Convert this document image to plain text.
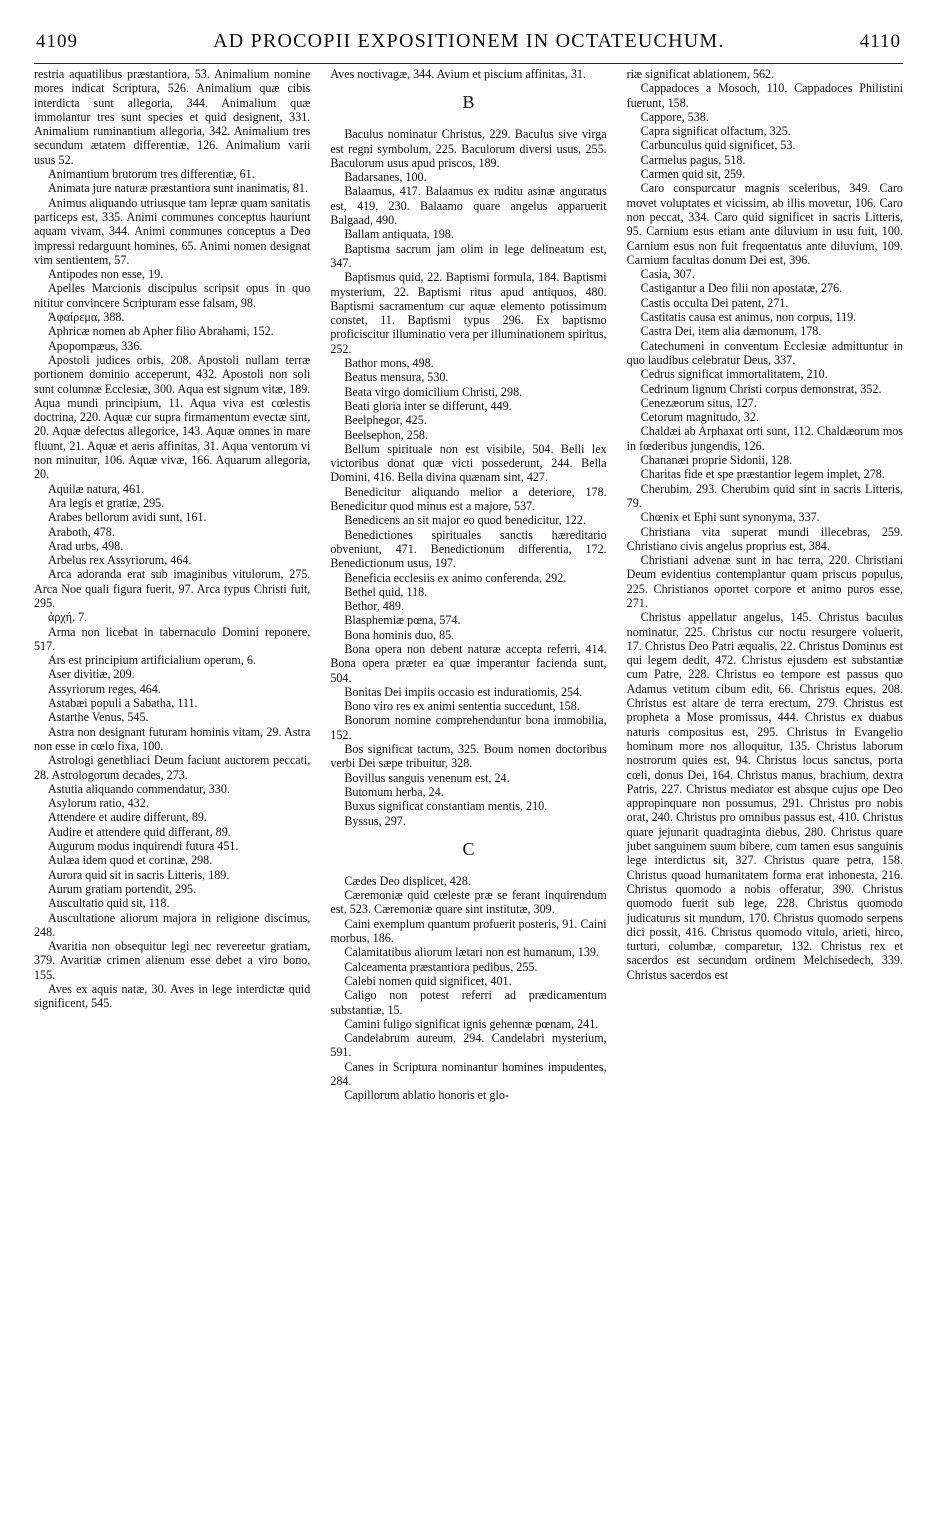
4109	AD PROCOPII EXPOSITIONEM IN OCTATEUCHUM.	4110

restria aquatilibus præstantiora, 53. Animalium nomine mores indicat Scriptura, 526. Animalium quæ cibis interdicta sunt allegoria, 344. Animalium quæ immolantur tres sunt species et quid designent, 331. Animalium ruminantium allegoria, 342. Animalium tres secundum ætatem differentiæ, 126. Animalium varii usus 52.

Animantium brutorum tres differentiæ, 61.

Animata jure naturæ præstantiora sunt inanimatis, 81.

Animus aliquando utriusque tam lepræ quam sanitatis particeps est, 335. Animi communes conceptus hauriunt aquam vivam, 344. Animi communes conceptus a Deo impressi redarguunt homines, 65. Animi nomen designat vim sentientem, 57.

Antipodes non esse, 19.

Apelles Marcionis discipulus scripsit opus in quo nititur convincere Scripturam esse falsam, 98.

Ἀφαίρεμα, 388.

Aphricæ nomen ab Apher filio Abrahami, 152.

Apopompæus, 336.

Apostoli judices orbis, 208. Apostoli nullam terræ portionem dominio acceperunt, 432. Apostoli non soli sunt columnæ Ecclesiæ, 300. Aqua est signum vitæ, 189. Aqua mundi principium, 11. Aqua viva est cœlestis doctrina, 220. Aquæ cur supra firmamentum evectæ sint, 20. Aquæ defectus allegorice, 143. Aquæ omnes in mare fluunt, 21. Aquæ et aeris affinitas, 31. Aqua ventorum vi non minuitur, 106. Aquæ vivæ, 166. Aquarum allegoria, 20.

Aquilæ natura, 461.

Ara legis et gratiæ, 295.

Arabes bellorum avidi sunt, 161.

Araboth, 478.

Arad urbs, 498.

Arbelus rex Assyriorum, 464.

Arca adoranda erat sub imaginibus vitulorum, 275. Arca Noe quali figura fuerit, 97. Arca typus Christi fuit, 295.

ἀρχή, 7.

Arma non licebat in tabernaculo Domini reponere, 517.

Ars est principium artificialium operum, 6.

Aser divitiæ, 209.

Assyriorum reges, 464.

Astabæi populi a Sabatha, 111.

Astarthe Venus, 545.

Astra non designant futuram hominis vitam, 29. Astra non esse in cœlo fixa, 100.

Astrologi genethliaci Deum faciunt auctorem peccati, 28. Astrologorum decades, 273.

Astutia aliquando commendatur, 330.

Asylorum ratio, 432.

Attendere et audire differunt, 89.

Audire et attendere quid differant, 89.

Augurum modus inquirendi futura 451.

Aulæa idem quod et cortinæ, 298.

Aurora quid sit in sacris Litteris, 189.

Aurum gratiam portendit, 295.

Auscultatio quid sit, 118.

Auscultatione aliorum majora in religione discimus, 248.

Avaritia non obsequitur legi nec revereetur gratiam, 379. Avaritiæ crimen alienum esse debet a viro bono, 155.

Aves ex aquis natæ, 30. Aves in lege interdictæ quid significent, 545.

Aves noctivagæ, 344. Avium et piscium affinitas, 31.

B

Baculus nominatur Christus, 229. Baculus sive virga est regni symbolum, 225. Baculorum diversi usus, 255. Baculorum usus apud priscos, 189.

Badarsanes, 100.

Balaamus, 417. Balaamus ex ruditu asinæ anguratus est, 419, 230. Balaamo quare angelus apparuerit Balgaad, 490.

Ballam antiquata, 198.

Baptisma sacrum jam olim in lege delineatum est, 347.

Baptismus quid, 22. Baptismi formula, 184. Baptismi mysterium, 22. Baptismi ritus apud antiquos, 480. Baptismi sacramentum cur aquæ elemento potissimum constet, 11. Baptismi typus 296. Ex baptismo proficiscitur illuminatio vera per illuminationem spiritus, 252.

Bathor mons, 498.

Beatus mensura, 530.

Beata virgo domicilium Christi, 298.

Beati gloria inter se differunt, 449.

Beelphegor, 425.

Beelsephon, 258.

Bellum spirituale non est visibile, 504. Belli lex victoribus donat quæ victi possederunt, 244. Bella Domini, 416. Bella divina quænam sint, 427.

Benedicitur aliquando melior a deteriore, 178. Benedicitur quod minus est a majore, 537.

Benedicens an sit major eo quod benedicitur, 122.

Benedictiones spirituales sanctis hæreditario obveniunt, 471. Benedictionum differentia, 172. Benedictionum usus, 197.

Beneficia ecclesiis ex animo conferenda, 292.

Bethel quid, 118.

Bethor, 489.

Blasphemiæ pœna, 574.

Bona hominis duo, 85.

Bona opera non debent naturæ accepta referri, 414. Bona opera præter ea quæ imperantur facienda sunt, 504.

Bonitas Dei impiis occasio est induratiomis, 254.

Bono viro res ex animi sententia succedunt, 158.

Bonorum nomine comprehenduntur bona immobilia, 152.

Bos significat tactum, 325. Boum nomen doctoribus verbi Dei sæpe tribuitur, 328.

Bovillus sanguis venenum est, 24.

Butomum herba, 24.

Buxus significat constantiam mentis, 210.

Byssus, 297.

C

Cædes Deo displicet, 428.

Cæremoniæ quid cœleste præ se ferant inquirendum est, 523. Cæremoniæ quare sint institutæ, 309.

Caini exemplum quantum profuerit posteris, 91. Caini morbus, 186.

Calamitatibus aliorum lætari non est humanum, 139.

Calceamenta præstantiora pedibus, 255.

Calebi nomen quid significet, 401.

Caligo non potest referri ad prædicamentum substantiæ, 15.

Camini fuligo significat ignis gehennæ pœnam, 241.

Candelabrum aureum, 294. Candelabri mysterium, 591.

Canes in Scriptura nominantur homines impudentes, 284.

Capillorum ablatio honoris et glo-

riæ significat ablationem, 562.

Cappadoces a Mosoch, 110. Cappadoces Philistini fuerunt, 158.

Cappore, 538.

Capra significat olfactum, 325.

Carbunculus quid significet, 53.

Carmelus pagus, 518.

Carmen quid sit, 259.

Caro conspurcatur magnis sceleribus, 349. Caro movet voluptates et vicissim, ab illis movetur, 106. Caro non peccat, 334. Caro quid significet in sacris Litteris, 95. Carnium esus etiam ante diluvium in usu fuit, 100. Carnium esus non fuit frequentatus ante diluvium, 109. Carnium facultas donum Dei est, 396.

Casia, 307.

Castigantur a Deo filii non apostatæ, 276.

Castis occulta Dei patent, 271.

Castitatis causa est animus, non corpus, 119.

Castra Dei, item alia dæmonum, 178.

Catechumeni in conventum Ecclesiæ admittuntur in quo laudibus celebratur Deus, 337.

Cedrus significat immortalitatem, 210.

Cedrinum lignum Christi corpus demonstrat, 352.

Cenezæorum situs, 127.

Cetorum magnitudo, 32.

Chaldæi ab Arphaxat orti sunt, 112. Chaldæorum mos in fœderibus jungendis, 126.

Chananæi proprie Sidonii, 128.

Charitas fide et spe præstantior legem implet, 278.

Cherubim, 293. Cherubim quid sint in sacris Litteris, 79.

Chœnix et Ephi sunt synonyma, 337.

Christiana vita superat mundi illecebras, 259. Christiano civis angelus proprius est, 384.

Christiani advenæ sunt in hac terra, 220. Christiani Deum evidentius contemplantur quam priscus populus, 225. Christianos oportet corpore et animo puros esse, 271.

Christus appellatur angelus, 145. Christus baculus nominatur, 225. Christus cur noctu resurgere voluerit, 17. Christus Deo Patri æqualis, 22. Christus Dominus est qui legem dedit, 472. Christus ejusdem est substantiæ cum Patre, 228. Christus eo tempore est passus quo Adamus vetitum cibum edit, 66. Christus eques, 208. Christus est altare de terra erectum, 279. Christus est propheta a Mose promissus, 444. Christus ex duabus naturis compositus est, 295. Christus in Evangelio hominum more nos alloquitur, 135. Christus laborum nostrorum quies est, 94. Christus locus sanctus, porta cœli, donus Dei, 164. Christus manus, brachium, dextra Patris, 227. Christus mediator est absque cujus ope Deo appropinquare non possumus, 291. Christus pro nobis orat, 240. Christus pro omnibus passus est, 410. Christus quare jejunarit quadraginta diebus, 280. Christus quare jubet sanguinem suum bibere, cum tamen esus sanguinis lege interdictus sit, 327. Christus quare petra, 158. Christus quoad humanitatem forma erat inhonesta, 216. Christus quomodo a nobis offeratur, 390. Christus quomodo fuerit sub lege, 228. Christus quomodo judicaturus sit mundum, 170. Christus quomodo serpens dici possit, 416. Christus quomodo vitulo, arieti, hirco, turturi, columbæ, comparetur, 132. Christus rex et sacerdos est secundum ordinem Melchisedech, 339. Christus sacerdos est
